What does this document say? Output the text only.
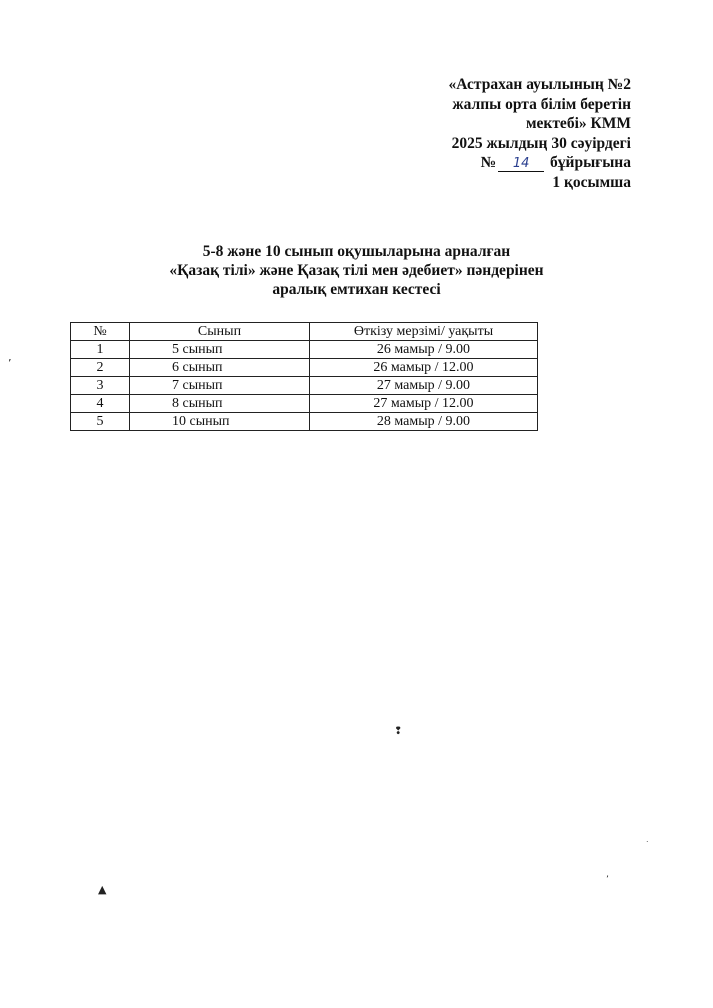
«Астрахан ауылының №2
жалпы орта білім беретін
мектебі» КММ
2025 жылдың 30 сәуірдегі
№ 14 бұйрығына
1 қосымша
5-8 және 10 сынып оқушыларына арналған
«Қазақ тілі» және Қазақ тілі мен әдебиет» пәндерінен
аралық емтихан кестесі
№	Сынып	Өткізу мерзімі/ уақыты
1	5 сынып	26 мамыр / 9.00
2	6 сынып	26 мамыр / 12.00
3	7 сынып	27 мамыр / 9.00
4	8 сынып	27 мамыр / 12.00
5	10 сынып	28 мамыр / 9.00
’
❢
▲
’
.
